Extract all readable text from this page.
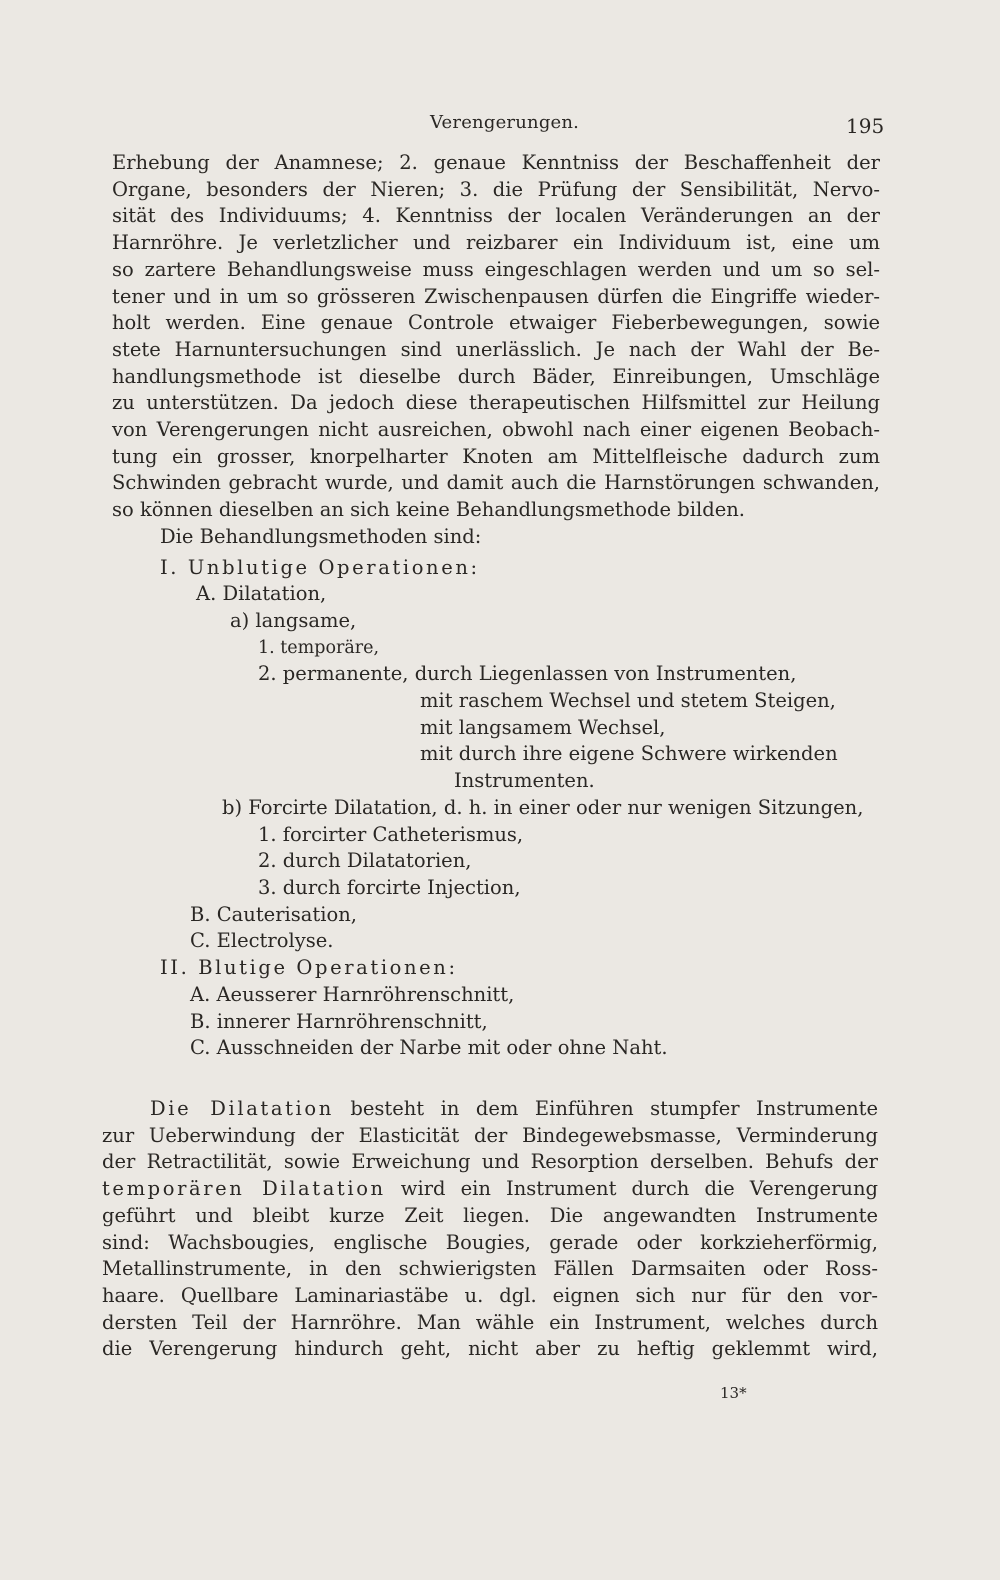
Verengerungen.	195

Erhebung der Anamnese; 2. genaue Kenntniss der Beschaffenheit der
Organe, besonders der Nieren; 3. die Prüfung der Sensibilität, Nervo-
sität des Individuums; 4. Kenntniss der localen Veränderungen an der
Harnröhre. Je verletzlicher und reizbarer ein Individuum ist, eine um
so zartere Behandlungsweise muss eingeschlagen werden und um so sel-
tener und in um so grösseren Zwischenpausen dürfen die Eingriffe wieder-
holt werden. Eine genaue Controle etwaiger Fieberbewegungen, sowie
stete Harnuntersuchungen sind unerlässlich. Je nach der Wahl der Be-
handlungsmethode ist dieselbe durch Bäder, Einreibungen, Umschläge
zu unterstützen. Da jedoch diese therapeutischen Hilfsmittel zur Heilung
von Verengerungen nicht ausreichen, obwohl nach einer eigenen Beobach-
tung ein grosser, knorpelharter Knoten am Mittelfleische dadurch zum
Schwinden gebracht wurde, und damit auch die Harnstörungen schwanden,
so können dieselben an sich keine Behandlungsmethode bilden.

Die Behandlungsmethoden sind:
I. Unblutige Operationen:
A. Dilatation,
a) langsame,
1. temporäre,
2. permanente, durch Liegenlassen von Instrumenten,
mit raschem Wechsel und stetem Steigen,
mit langsamem Wechsel,
mit durch ihre eigene Schwere wirkenden
Instrumenten.
b) Forcirte Dilatation, d. h. in einer oder nur wenigen Sitzungen,
1. forcirter Catheterismus,
2. durch Dilatatorien,
3. durch forcirte Injection,
B. Cauterisation,
C. Electrolyse.
II. Blutige Operationen:
A. Aeusserer Harnröhrenschnitt,
B. innerer Harnröhrenschnitt,
C. Ausschneiden der Narbe mit oder ohne Naht.
Die Dilatation besteht in dem Einführen stumpfer Instrumente
zur Ueberwindung der Elasticität der Bindegewebsmasse, Verminderung
der Retractilität, sowie Erweichung und Resorption derselben. Behufs der
temporären Dilatation wird ein Instrument durch die Verengerung
geführt und bleibt kurze Zeit liegen. Die angewandten Instrumente
sind: Wachsbougies, englische Bougies, gerade oder korkzieherförmig,
Metallinstrumente, in den schwierigsten Fällen Darmsaiten oder Ross-
haare. Quellbare Laminariastäbe u. dgl. eignen sich nur für den vor-
dersten Teil der Harnröhre. Man wähle ein Instrument, welches durch
die Verengerung hindurch geht, nicht aber zu heftig geklemmt wird,
13*
